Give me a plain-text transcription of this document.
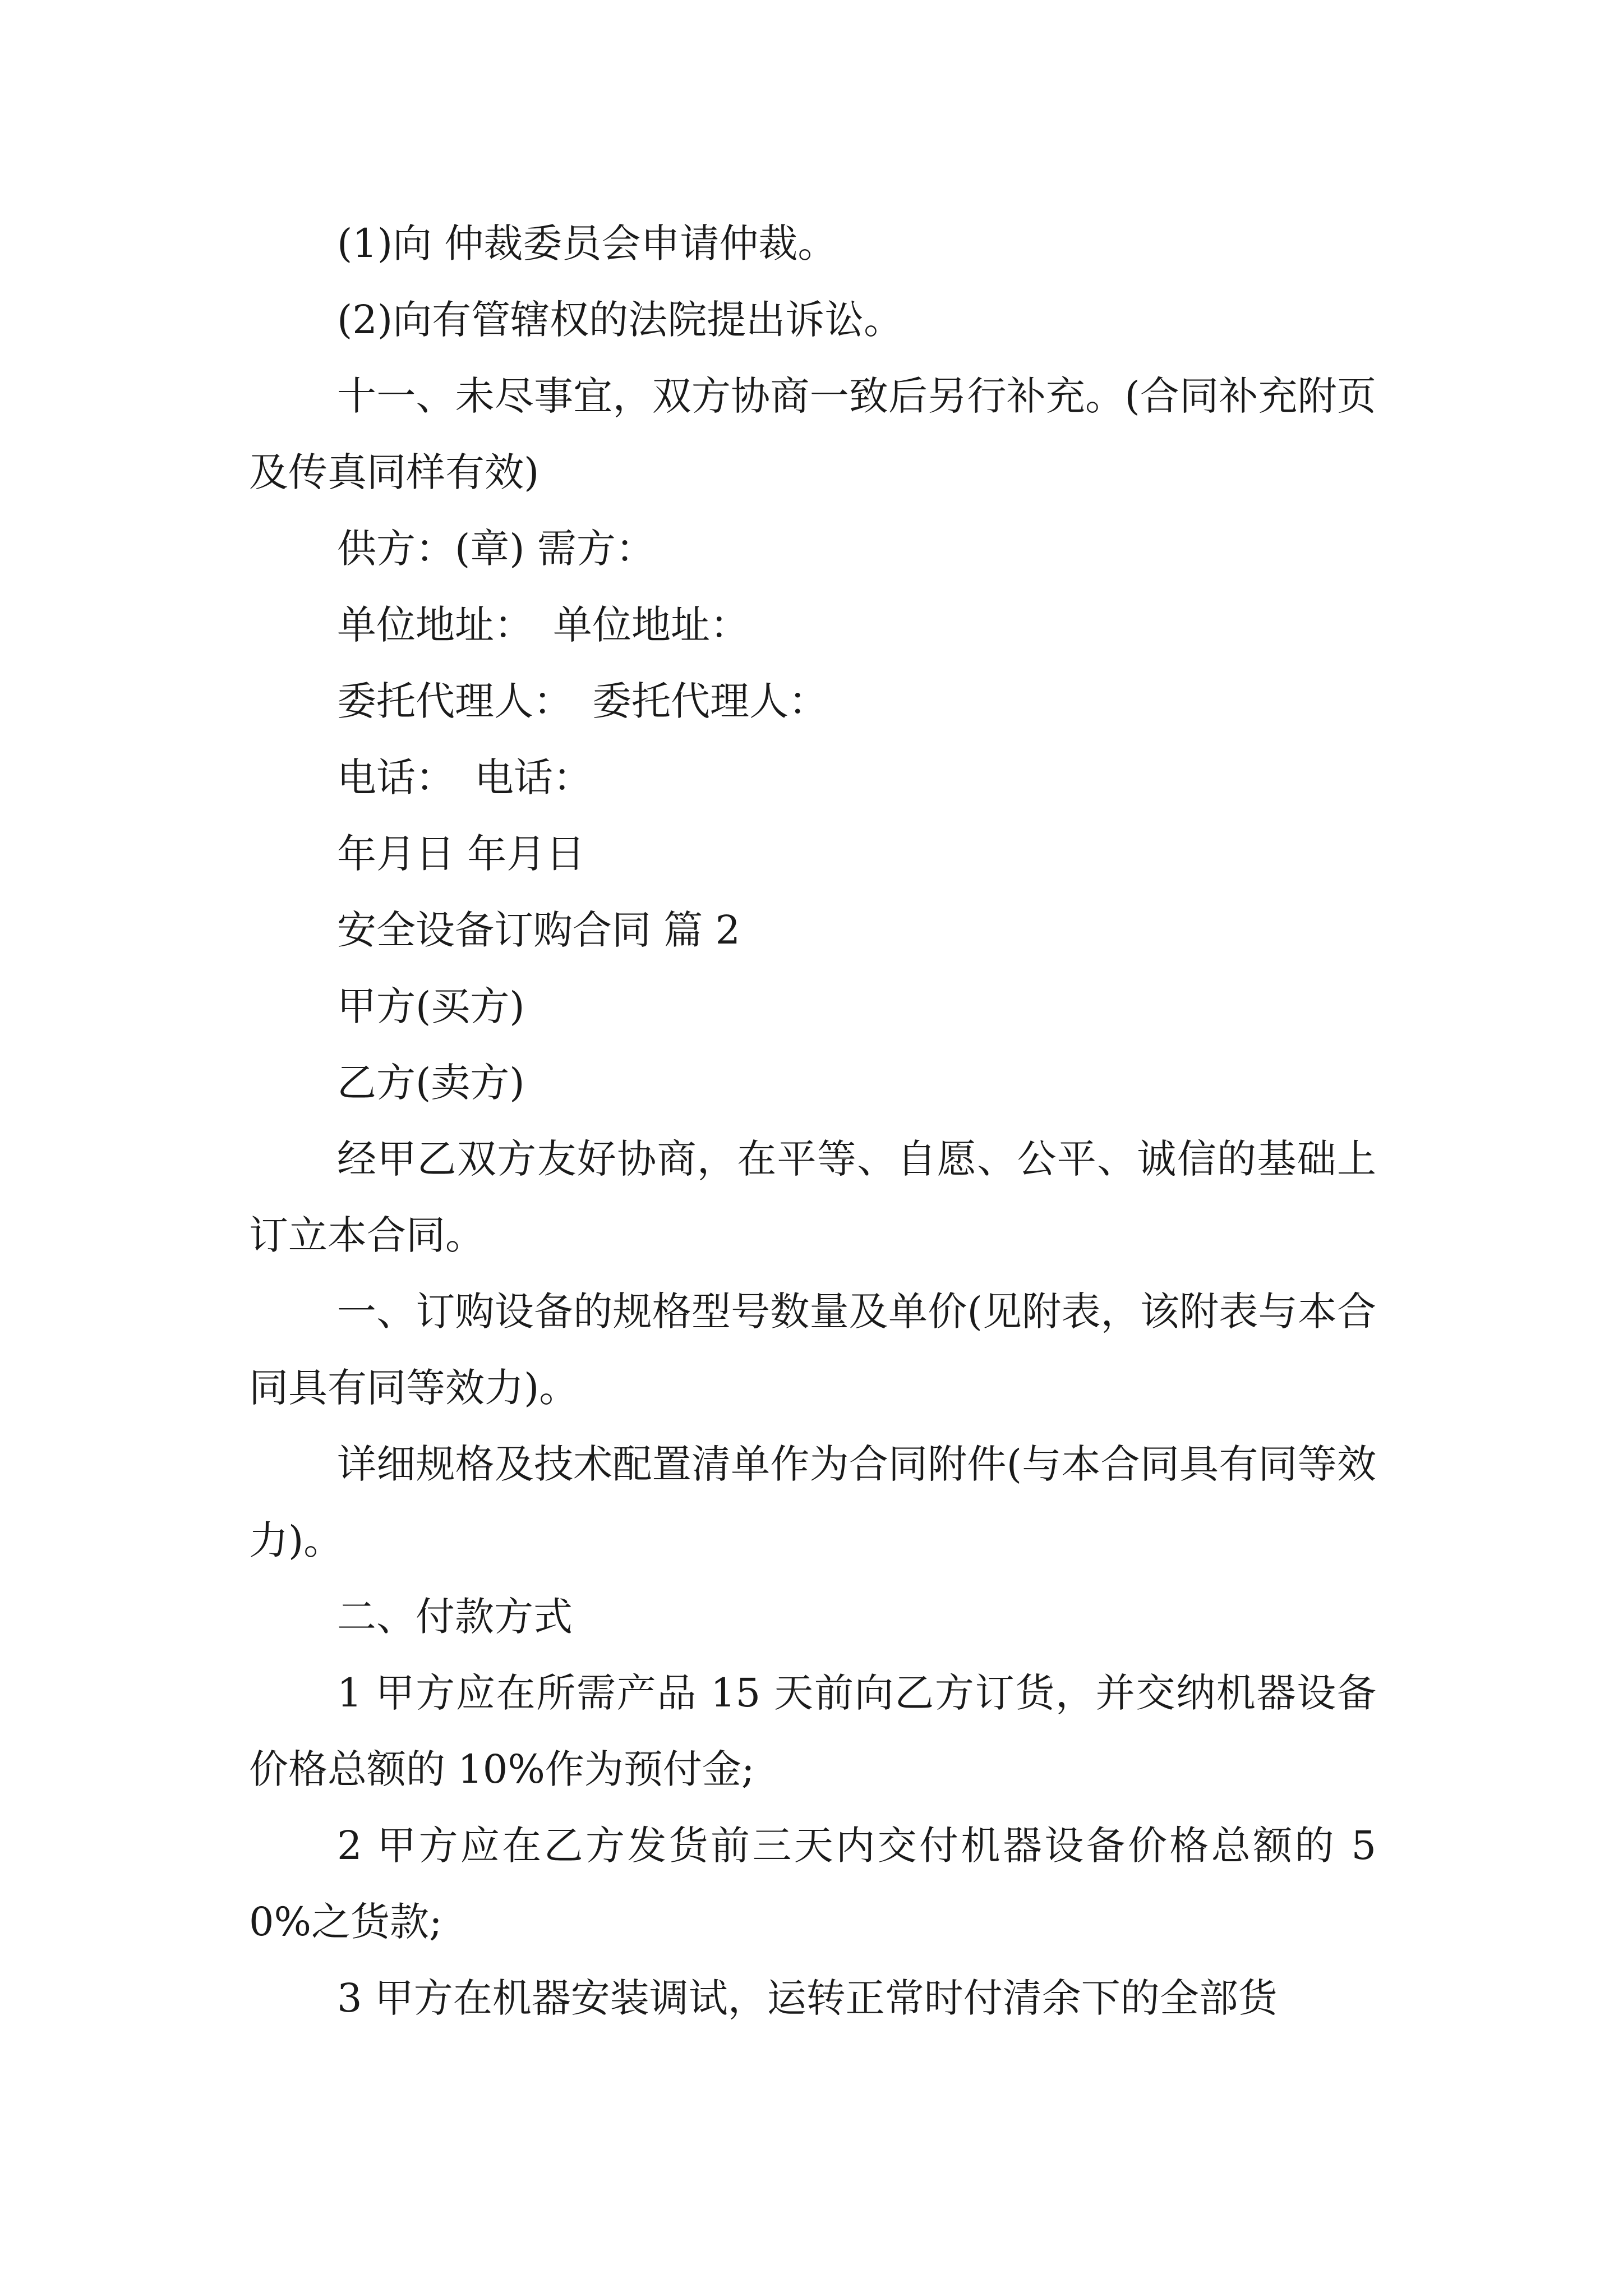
(1)向 仲裁委员会申请仲裁。

(2)向有管辖权的法院提出诉讼。

十一、未尽事宜，双方协商一致后另行补充。(合同补充附页及传真同样有效)

供方：(章) 需方：

单位地址：　单位地址：

委托代理人：　委托代理人：

电话：　电话：

年月日 年月日

安全设备订购合同 篇 2

甲方(买方)

乙方(卖方)

经甲乙双方友好协商，在平等、自愿、公平、诚信的基础上订立本合同。

一、订购设备的规格型号数量及单价(见附表，该附表与本合同具有同等效力)。

详细规格及技术配置清单作为合同附件(与本合同具有同等效力)。

二、付款方式

1 甲方应在所需产品 15 天前向乙方订货，并交纳机器设备价格总额的 10%作为预付金;

2 甲方应在乙方发货前三天内交付机器设备价格总额的 50%之货款;

3 甲方在机器安装调试，运转正常时付清余下的全部货
